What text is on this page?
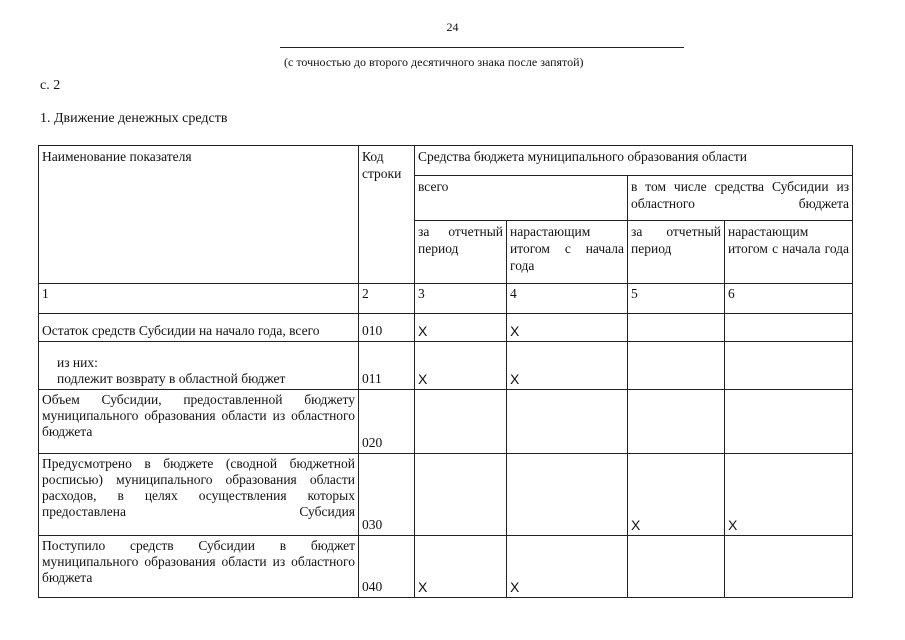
24
(с точностью до второго десятичного знака после запятой)
с. 2
1. Движение денежных средств
Наименование показателя	Код строки	Средства бюджета муниципального образования области			
		всего		в том числе средства Субсидии из областного бюджета	
		за отчетный период	нарастающим итогом с начала года	за отчетный период	нарастающим итогом с начала года
1	2	3	4	5	6
Остаток средств Субсидии на начало года, всего	010	X	X		

из них:
подлежит возврату в областной бюджет	011	X	X		
Объем Субсидии, предоставленной бюджету муниципального образования области из областного бюджета	020				
Предусмотрено в бюджете (сводной бюджетной росписью) муниципального образования области расходов, в целях осуществления которых предоставлена Субсидия	030			X	X
Поступило средств Субсидии в бюджет муниципального образования области из областного бюджета	040	X	X		
